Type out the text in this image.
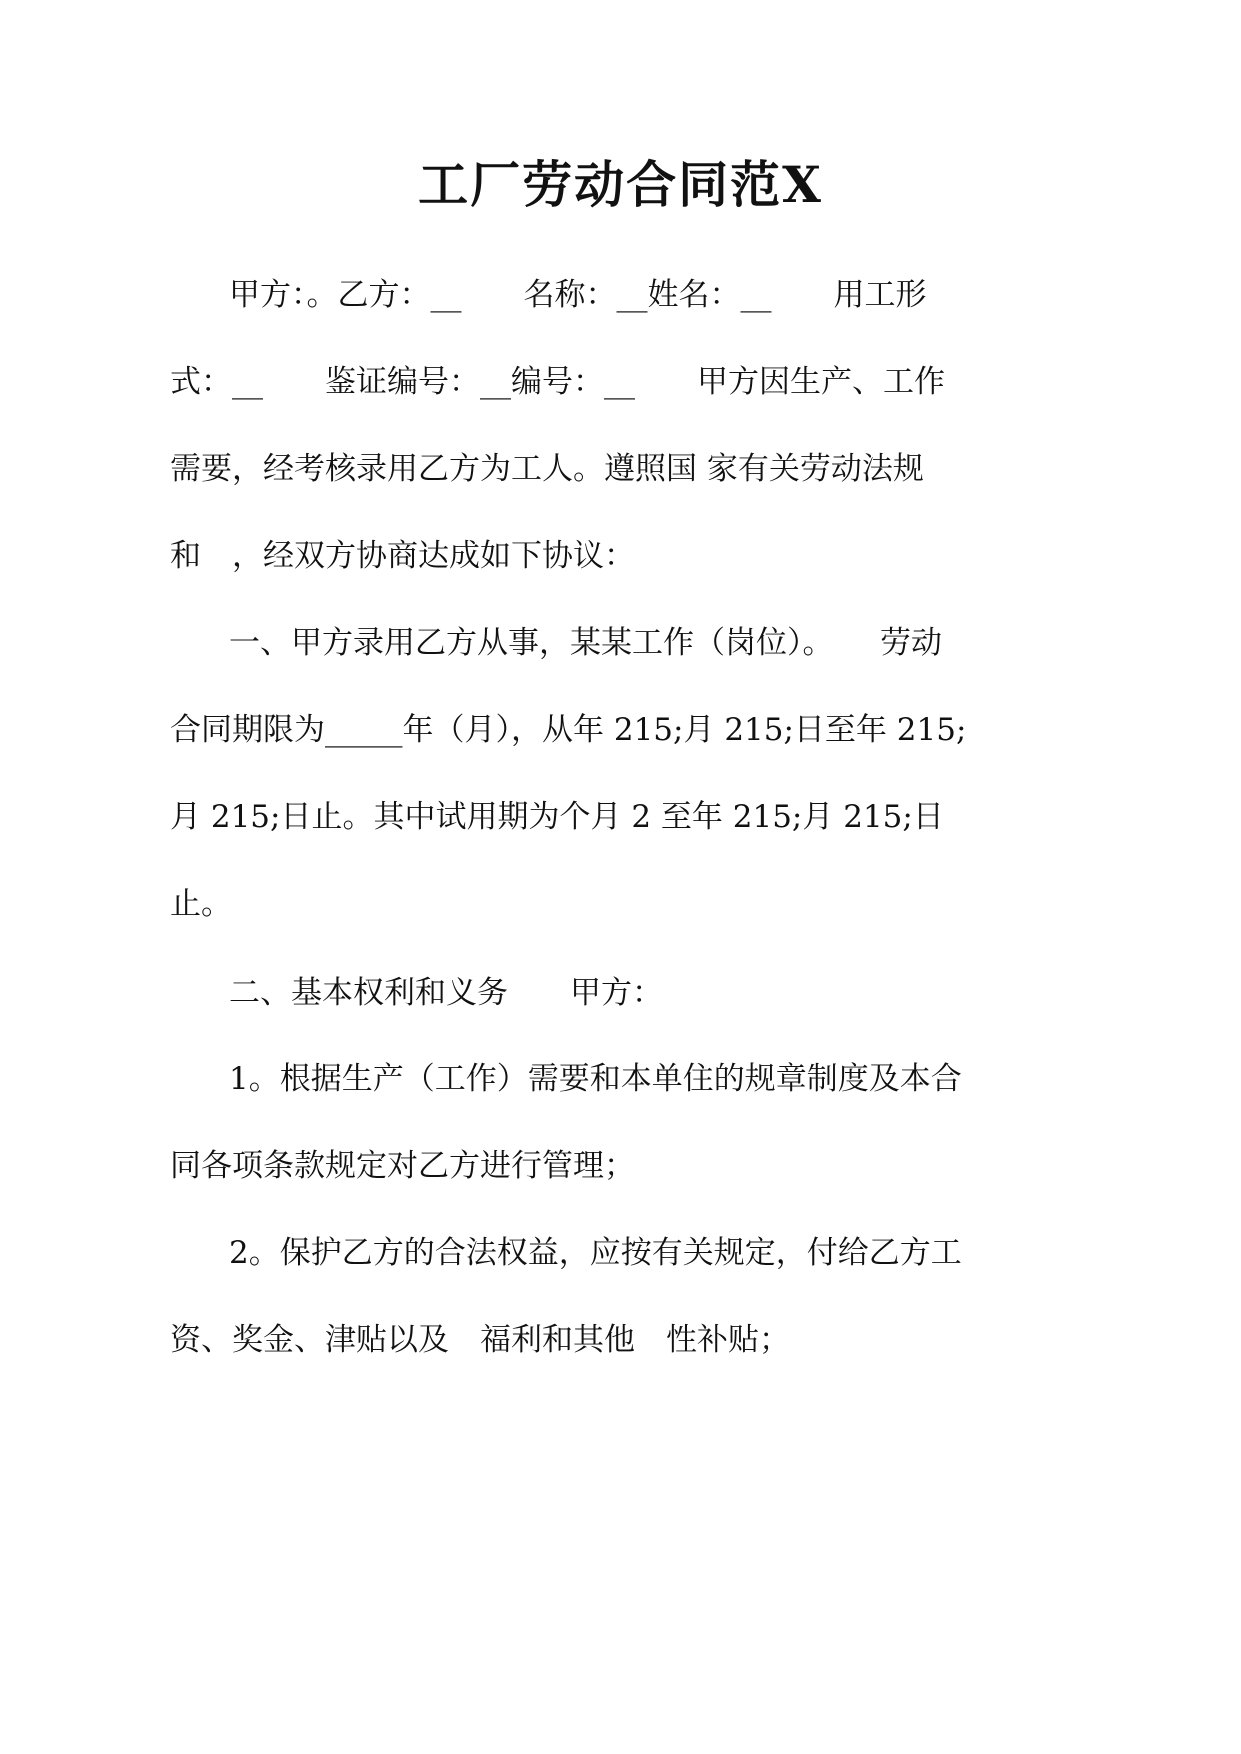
工厂劳动合同范X
甲方：。乙方：__　　名称：__姓名：__　　用工形
式：__　　鉴证编号：__编号：__　　甲方因生产、工作
需要，经考核录用乙方为工人。遵照国 家有关劳动法规
和　，经双方协商达成如下协议：
一、甲方录用乙方从事，某某工作（岗位）。　　劳动
合同期限为_____年（月），从年 215;月 215;日至年 215;
月 215;日止。其中试用期为个月 2 至年 215;月 215;日
止。
二、基本权利和义务　　甲方：
1。根据生产（工作）需要和本单住的规章制度及本合
同各项条款规定对乙方进行管理；
2。保护乙方的合法权益，应按有关规定，付给乙方工
资、奖金、津贴以及　福利和其他　性补贴；
